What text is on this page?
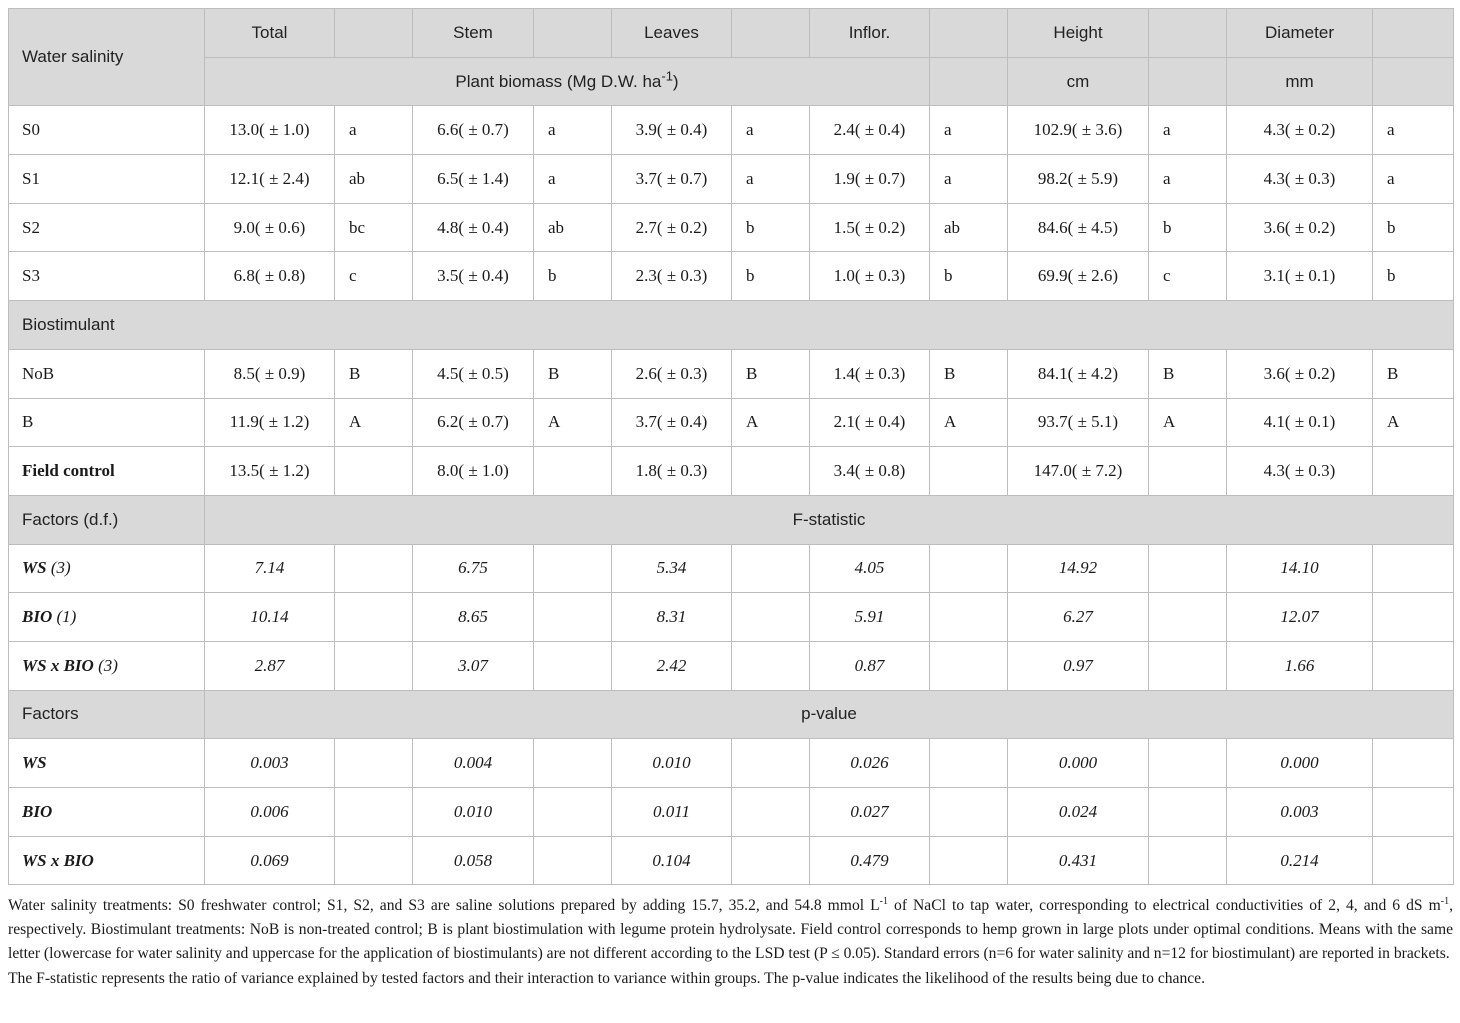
Water salinity	Total		Stem		Leaves		Inflor.		Height		Diameter	
	Plant biomass (Mg D.W. $ha^{-1}$)								cm		mm	
S0	13.0( ± 1.0)	a	6.6( ± 0.7)	a	3.9( ± 0.4)	a	2.4( ± 0.4)	a	102.9( ± 3.6)	a	4.3( ± 0.2)	a
S1	12.1( ± 2.4)	ab	6.5( ± 1.4)	a	3.7( ± 0.7)	a	1.9( ± 0.7)	a	98.2( ± 5.9)	a	4.3( ± 0.3)	a
S2	9.0( ± 0.6)	bc	4.8( ± 0.4)	ab	2.7( ± 0.2)	b	1.5( ± 0.2)	ab	84.6( ± 4.5)	b	3.6( ± 0.2)	b
S3	6.8( ± 0.8)	c	3.5( ± 0.4)	b	2.3( ± 0.3)	b	1.0( ± 0.3)	b	69.9( ± 2.6)	c	3.1( ± 0.1)	b
Biostimulant												
NoB	8.5( ± 0.9)	B	4.5( ± 0.5)	B	2.6( ± 0.3)	B	1.4( ± 0.3)	B	84.1( ± 4.2)	B	3.6( ± 0.2)	B
B	11.9( ± 1.2)	A	6.2( ± 0.7)	A	3.7( ± 0.4)	A	2.1( ± 0.4)	A	93.7( ± 5.1)	A	4.1( ± 0.1)	A
Field control	13.5( ± 1.2)		8.0( ± 1.0)		1.8( ± 0.3)		3.4( ± 0.8)		147.0( ± 7.2)		4.3( ± 0.3)	
Factors (d.f.)	F-statistic											
WS (3)	7.14		6.75		5.34		4.05		14.92		14.10	
BIO (1)	10.14		8.65		8.31		5.91		6.27		12.07	
WS x BIO (3)	2.87		3.07		2.42		0.87		0.97		1.66	
Factors	p-value											
WS	0.003		0.004		0.010		0.026		0.000		0.000	
BIO	0.006		0.010		0.011		0.027		0.024		0.003	
WS x BIO	0.069		0.058		0.104		0.479		0.431		0.214	

Water salinity treatments: S0 freshwater control; S1, S2, and S3 are saline solutions prepared by adding 15.7, 35.2, and 54.8 mmol $L^{-1}$ of NaCl to tap water, corresponding to electrical conductivities of 2, 4, and 6 dS $m^{-1}$, respectively. Biostimulant treatments: NoB is non-treated control; B is plant biostimulation with legume protein hydrolysate. Field control corresponds to hemp grown in large plots under optimal conditions. Means with the same letter (lowercase for water salinity and uppercase for the application of biostimulants) are not different according to the LSD test (P ≤ 0.05). Standard errors (n=6 for water salinity and n=12 for biostimulant) are reported in brackets.

The F-statistic represents the ratio of variance explained by tested factors and their interaction to variance within groups. The p-value indicates the likelihood of the results being due to chance.
